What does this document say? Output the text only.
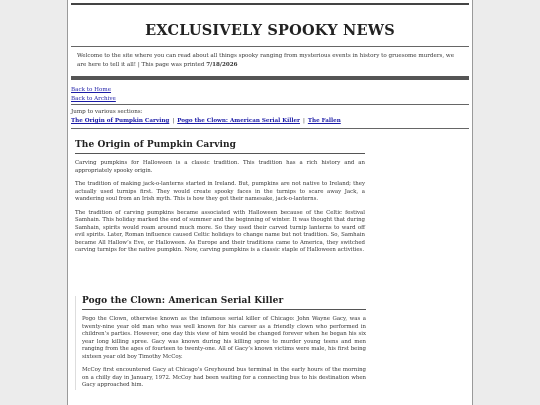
EXCLUSIVELY SPOOKY NEWS
Welcome to the site where you can read about all things spooky ranging from mysterious events in history to gruesome murders, we are here to tell it all! | This page was printed 7/18/2026
Back to Home
Back to Archive
Jump to various sections:
The Origin of Pumpkin Carving | Pogo the Clown: American Serial Killer | The Fallen
The Origin of Pumpkin Carving

Carving pumpkins for Halloween is a classic tradition. This tradition has a rich history and an appropriately spooky origin.

The tradition of making jack-o-lanterns started in Ireland. But, pumpkins are not native to Ireland; they actually used turnips first. They would create spooky faces in the turnips to scare away Jack, a wandering soul from an Irish myth. This is how they got their namesake, jack-o-lanterns.

The tradition of carving pumpkins became associated with Halloween because of the Celtic festival Samhain. This holiday marked the end of summer and the beginning of winter. It was thought that during Samhain, spirits would roam around much more. So they used their carved turnip lanterns to ward off evil spirits. Later, Roman influence caused Celtic holidays to change name but not tradition. So, Samhain became All Hallow’s Eve, or Halloween. As Europe and their traditions came to America, they switched carving turnips for the native pumpkin. Now, carving pumpkins is a classic staple of Halloween activities.

Pogo the Clown: American Serial Killer

Pogo the Clown, otherwise known as the infamous serial killer of Chicago: John Wayne Gacy, was a twenty-nine year old man who was well known for his career as a friendly clown who performed in children’s parties. However, one day this view of him would be changed forever when he began his six year long killing spree. Gacy was known during his killing spree to murder young teens and men ranging from the ages of fourteen to twenty-one. All of Gacy’s known victims were male, his first being sixteen year old boy Timothy McCoy.

McCoy first encountered Gacy at Chicago’s Greyhound bus terminal in the early hours of the morning on a chilly day in January, 1972. McCoy had been waiting for a connecting bus to his destination when Gacy approached him.
